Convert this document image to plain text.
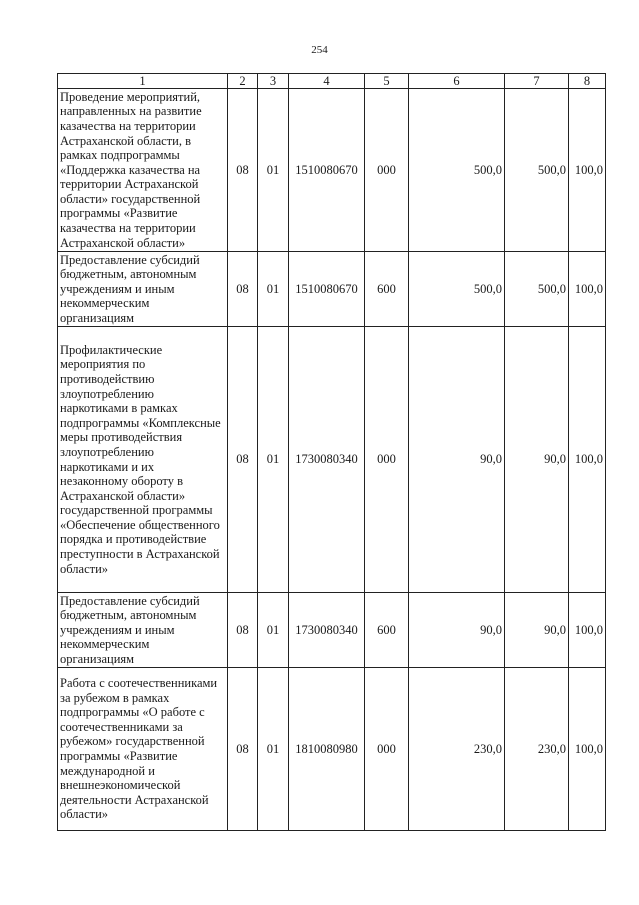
254
1	2	3	4	5	6	7	8
Проведение мероприятий, направленных на развитие казачества на территории Астраханской области, в рамках подпрограммы «Поддержка казачества на территории Астраханской области» государственной программы «Развитие казачества на территории Астраханской области»	08	01	1510080670	000	500,0	500,0	100,0
Предоставление субсидий бюджетным, автономным учреждениям и иным некоммерческим организациям	08	01	1510080670	600	500,0	500,0	100,0
Профилактические мероприятия по противодействию злоупотреблению наркотиками в рамках подпрограммы «Комплексные меры противодействия злоупотреблению наркотиками и их незаконному обороту в Астраханской области» государственной программы «Обеспечение общественного порядка и противодействие преступности в Астраханской области»	08	01	1730080340	000	90,0	90,0	100,0
Предоставление субсидий бюджетным, автономным учреждениям и иным некоммерческим организациям	08	01	1730080340	600	90,0	90,0	100,0
Работа с соотечественниками за рубежом в рамках подпрограммы «О работе с соотечественниками за рубежом» государственной программы «Развитие международной и внешнеэкономической деятельности Астраханской области»	08	01	1810080980	000	230,0	230,0	100,0
